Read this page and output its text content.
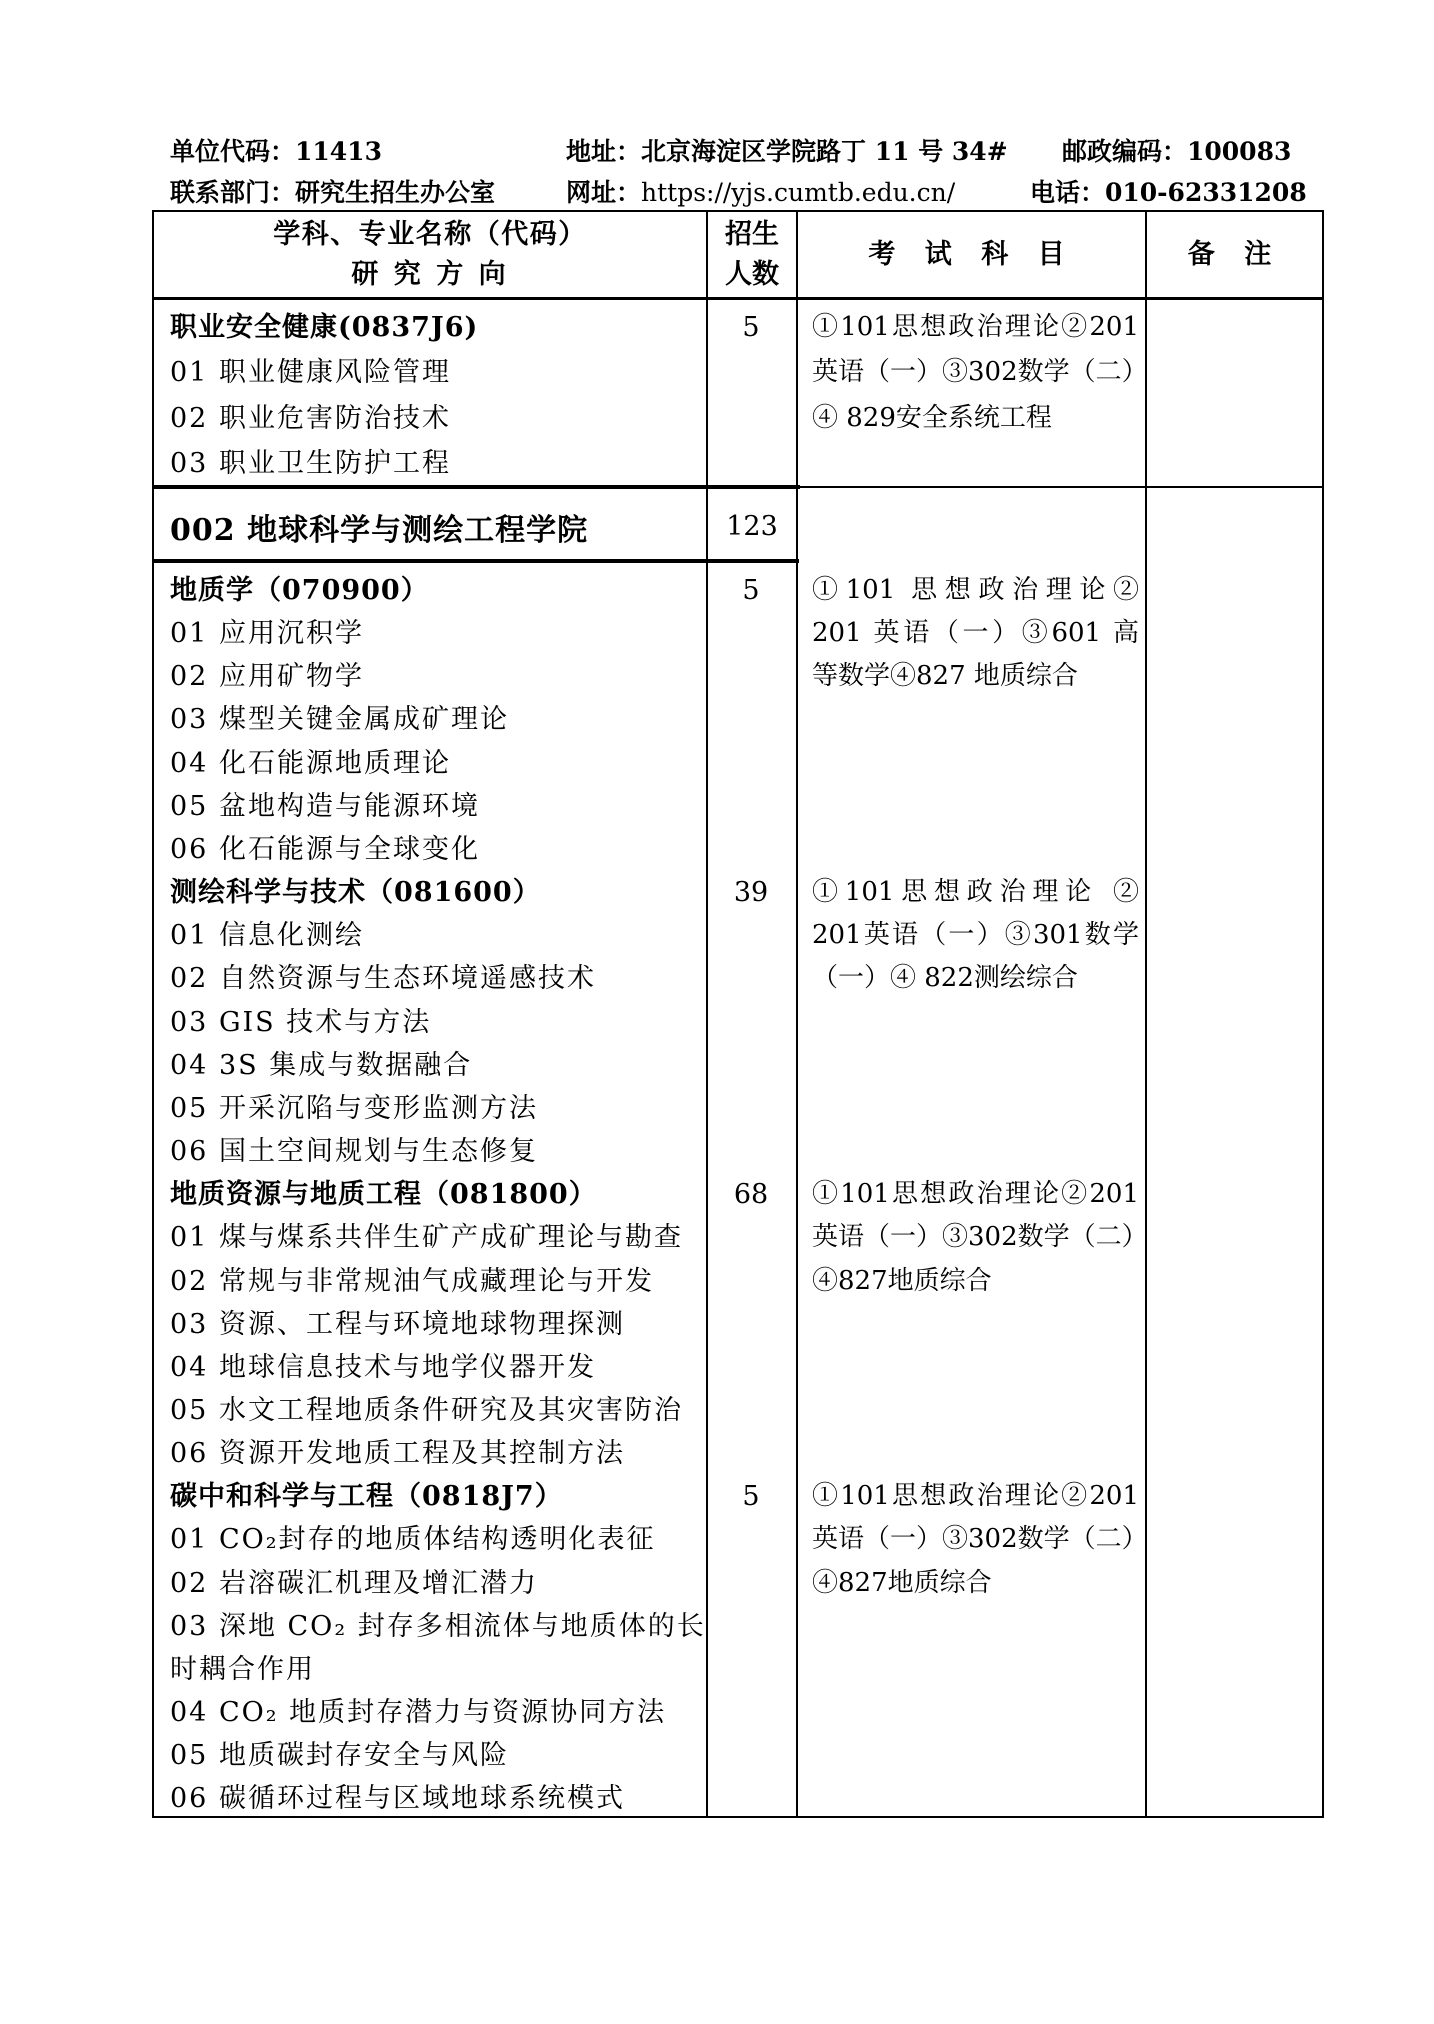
单位代码：11413	地址：北京海淀区学院路丁 11 号 34# 邮政编码：100083
联系部门：研究生招生办公室	网址：https://yjs.cumtb.edu.cn/	电话：010-62331208
学科、专业名称（代码）
研 究 方 向
招生
人数
考 试 科 目	备 注
职业安全健康(0837J6)
01 职业健康风险管理
02 职业危害防治技术
03 职业卫生防护工程
5	①101思想政治理论②201
英语（一）③302数学（二）
④ 829安全系统工程
002 地球科学与测绘工程学院	123
地质学（070900）
01 应用沉积学
02 应用矿物学
03 煤型关键金属成矿理论
04 化石能源地质理论
05 盆地构造与能源环境
06 化石能源与全球变化
5	①101 思想政治理论②
201 英语（一）③601 高
等数学④827 地质综合
测绘科学与技术（081600）
01 信息化测绘
02 自然资源与生态环境遥感技术
03 GIS 技术与方法
04 3S 集成与数据融合
05 开采沉陷与变形监测方法
06 国土空间规划与生态修复
39	①101思想政治理论 ②
201英语（一）③301数学
（一）④ 822测绘综合
地质资源与地质工程（081800）
01 煤与煤系共伴生矿产成矿理论与勘查
02 常规与非常规油气成藏理论与开发
03 资源、工程与环境地球物理探测
04 地球信息技术与地学仪器开发
05 水文工程地质条件研究及其灾害防治
06 资源开发地质工程及其控制方法
68	①101思想政治理论②201
英语（一）③302数学（二）
④827地质综合
碳中和科学与工程（0818J7）
01 CO₂封存的地质体结构透明化表征
02 岩溶碳汇机理及增汇潜力
03 深地 CO₂ 封存多相流体与地质体的长
时耦合作用
04 CO₂ 地质封存潜力与资源协同方法
05 地质碳封存安全与风险
06 碳循环过程与区域地球系统模式
5	①101思想政治理论②201
英语（一）③302数学（二）
④827地质综合
